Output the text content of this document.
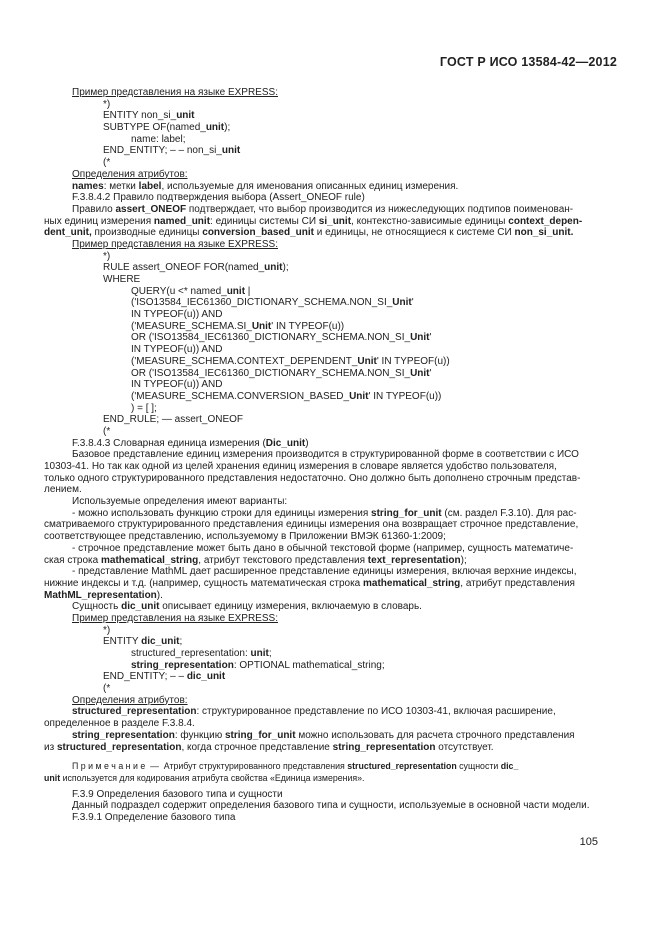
ГОСТ Р ИСО 13584-42—2012

Пример представления на языке EXPRESS:

*)

ENTITY non_si_unit

SUBTYPE OF(named_unit);

name: label;

END_ENTITY; – – non_si_unit

(*

Определения атрибутов:

names: метки label, используемые для именования описанных единиц измерения.

F.3.8.4.2 Правило подтверждения выбора (Assert_ONEOF rule)

Правило assert_ONEOF подтверждает, что выбор производится из нижеследующих подтипов поименован-

ных единиц измерения named_unit: единицы системы СИ si_unit, контекстно-зависимые единицы context_depen-

dent_unit, производные единицы conversion_based_unit и единицы, не относящиеся к системе СИ non_si_unit.

Пример представления на языке EXPRESS:

*)

RULE assert_ONEOF FOR(named_unit);

WHERE

QUERY(u <* named_unit |

('ISO13584_IEC61360_DICTIONARY_SCHEMA.NON_SI_Unit'

IN TYPEOF(u)) AND

('MEASURE_SCHEMA.SI_Unit' IN TYPEOF(u))

OR ('ISO13584_IEC61360_DICTIONARY_SCHEMA.NON_SI_Unit'

IN TYPEOF(u)) AND

('MEASURE_SCHEMA.CONTEXT_DEPENDENT_Unit' IN TYPEOF(u))

OR ('ISO13584_IEC61360_DICTIONARY_SCHEMA.NON_SI_Unit'

IN TYPEOF(u)) AND

('MEASURE_SCHEMA.CONVERSION_BASED_Unit' IN TYPEOF(u))

) = [ ];

END_RULE; — assert_ONEOF

(*

F.3.8.4.3 Словарная единица измерения (Dic_unit)

Базовое представление единиц измерения производится в структурированной форме в соответствии с ИСО

10303-41. Но так как одной из целей хранения единиц измерения в словаре является удобство пользователя,

только одного структурированного представления недостаточно. Оно должно быть дополнено строчным представ-

лением.

Используемые определения имеют варианты:

- можно использовать функцию строки для единицы измерения string_for_unit (см. раздел F.3.10). Для рас-

сматриваемого структурированного представления единицы измерения она возвращает строчное представление,

соответствующее представлению, используемому в Приложении ВМЭК 61360-1:2009;

- строчное представление может быть дано в обычной текстовой форме (например, сущность математиче-

ская строка mathematical_string, атрибут текстового представления text_representation);

- представление MathML дает расширенное представление единицы измерения, включая верхние индексы,

нижние индексы и т.д. (например, сущность математическая строка mathematical_string, атрибут представления

MathML_representation).

Сущность dic_unit описывает единицу измерения, включаемую в словарь.

Пример представления на языке EXPRESS:

*)

ENTITY dic_unit;

structured_representation: unit;

string_representation: OPTIONAL mathematical_string;

END_ENTITY; – – dic_unit

(*

Определения атрибутов:

structured_representation: структурированное представление по ИСО 10303-41, включая расширение,

определенное в разделе F.3.8.4.

string_representation: функцию string_for_unit можно использовать для расчета строчного представления

из structured_representation, когда строчное представление string_representation отсутствует.

П р и м е ч а н и е  —  Атрибут структурированного представления structured_representation сущности dic_

unit используется для кодирования атрибута свойства «Единица измерения».

F.3.9 Определения базового типа и сущности

Данный подраздел содержит определения базового типа и сущности, используемые в основной части модели.

F.3.9.1 Определение базового типа

105
